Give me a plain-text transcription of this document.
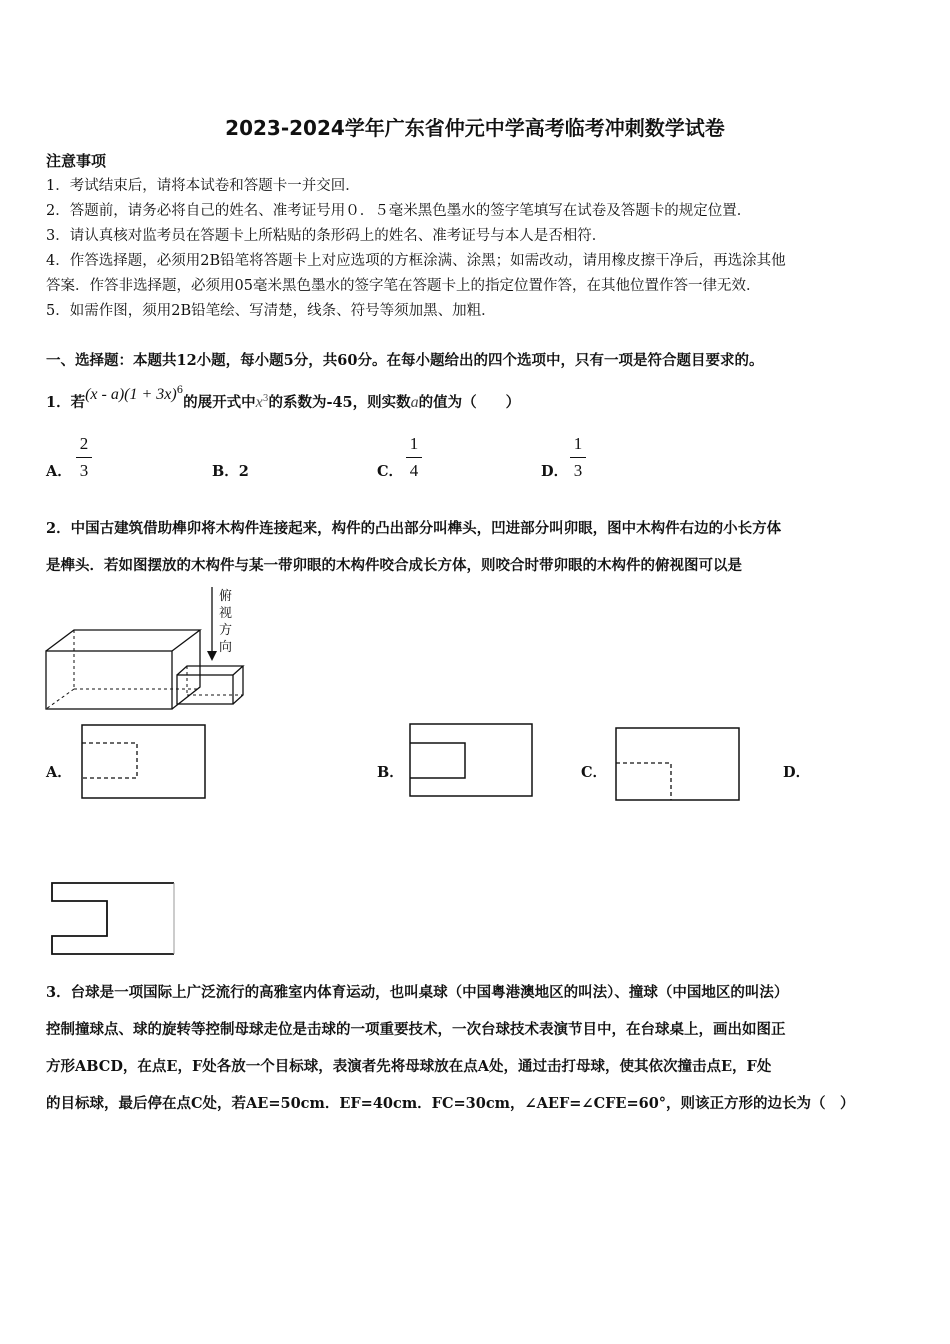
2023-2024学年广东省仲元中学高考临考冲刺数学试卷
注意事项
1．考试结束后，请将本试卷和答题卡一并交回．
2．答题前，请务必将自己的姓名、准考证号用０．５毫米黑色墨水的签字笔填写在试卷及答题卡的规定位置．
3．请认真核对监考员在答题卡上所粘贴的条形码上的姓名、准考证号与本人是否相符．
4．作答选择题，必须用2B铅笔将答题卡上对应选项的方框涂满、涂黑；如需改动，请用橡皮擦干净后，再选涂其他
答案．作答非选择题，必须用05毫米黑色墨水的签字笔在答题卡上的指定位置作答，在其他位置作答一律无效．
5．如需作图，须用2B铅笔绘、写清楚，线条、符号等须加黑、加粗．
一、选择题：本题共12小题，每小题5分，共60分。在每小题给出的四个选项中，只有一项是符合题目要求的。
1．若$(x - a)(1 + 3x)^6$的展开式中$x^3$的系数为-45，则实数a的值为（　　）
A．
2
3	B．2	C．
1
4	D．
1
3
2．中国古建筑借助榫卯将木构件连接起来，构件的凸出部分叫榫头，凹进部分叫卯眼，图中木构件右边的小长方体
是榫头．若如图摆放的木构件与某一带卯眼的木构件咬合成长方体，则咬合时带卯眼的木构件的俯视图可以是
俯
视
方
向
A．	B．	C．	D．
3．台球是一项国际上广泛流行的高雅室内体育运动，也叫桌球（中国粤港澳地区的叫法）、撞球（中国地区的叫法）
控制撞球点、球的旋转等控制母球走位是击球的一项重要技术，一次台球技术表演节目中，在台球桌上，画出如图正
方形ABCD，在点E，F处各放一个目标球，表演者先将母球放在点A处，通过击打母球，使其依次撞击点E，F处
的目标球，最后停在点C处，若AE=50cm．EF=40cm．FC=30cm，∠AEF=∠CFE=60°，则该正方形的边长为（　）
